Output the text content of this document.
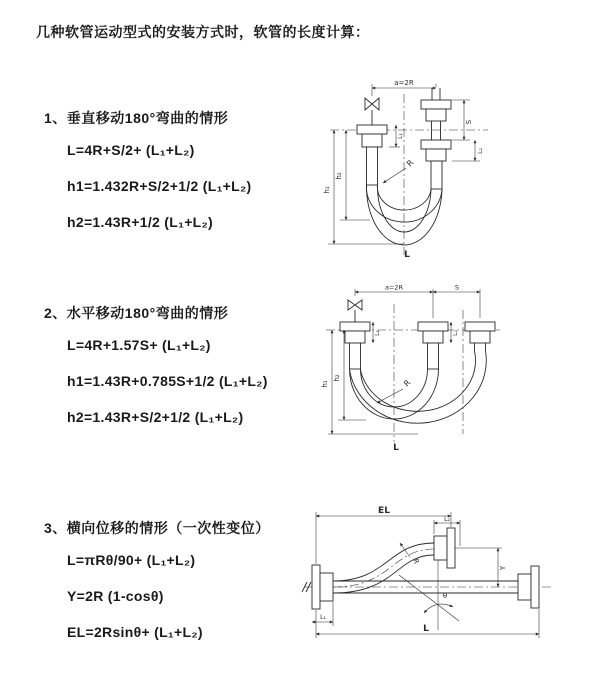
几种软管运动型式的安装方式时，软管的长度计算：
1、垂直移动180°弯曲的情形
L=4R+S/2+ (L₁+L₂)
h1=1.432R+S/2+1/2 (L₁+L₂)
h2=1.43R+1/2 (L₁+L₂)
2、水平移动180°弯曲的情形
L=4R+1.57S+ (L₁+L₂)
h1=1.43R+0.785S+1/2 (L₁+L₂)
h2=1.43R+S/2+1/2 (L₁+L₂)
3、横向位移的情形（一次性变位）
L=πRθ/90+ (L₁+L₂)
Y=2R (1-cosθ)
EL=2Rsinθ+ (L₁+L₂)
a=2R
S
L₂
L₁
h₁
h₂
R
L
a=2R	S
h₁
h₂
L₁	L₂
R
L
EL
L₂
Y
L
L₁
θ
R
